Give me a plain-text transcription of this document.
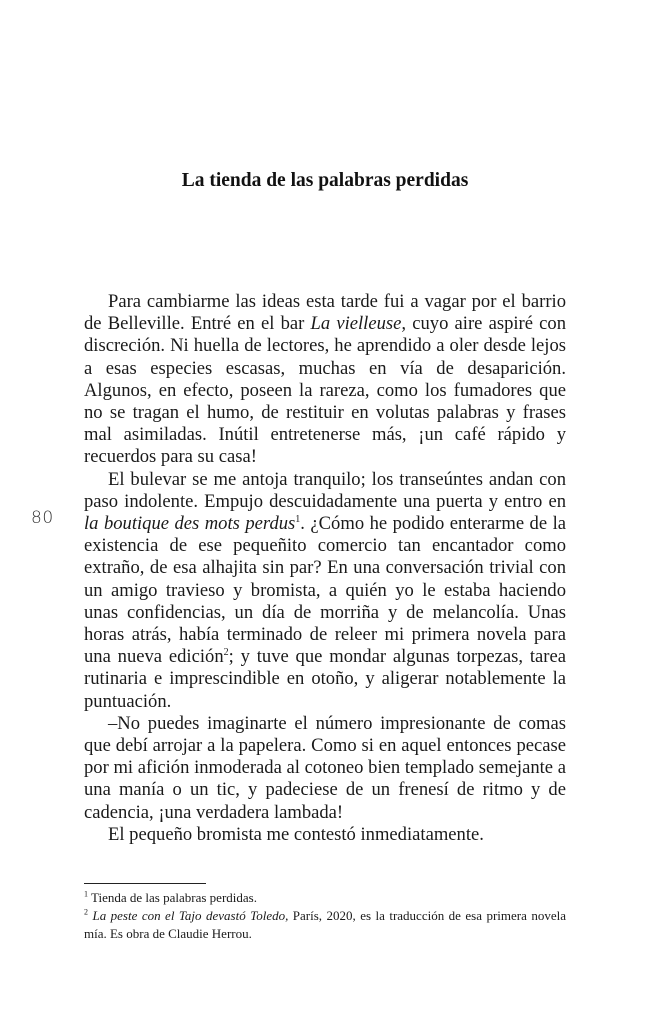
80
La tienda de las palabras perdidas

Para cambiarme las ideas esta tarde fui a vagar por el barrio de Belleville. Entré en el bar La vielleuse, cuyo aire aspiré con discreción. Ni huella de lectores, he aprendido a oler desde lejos a esas especies escasas, muchas en vía de desaparición. Algunos, en efecto, poseen la rareza, como los fumadores que no se tragan el humo, de restituir en volutas palabras y frases mal asimiladas. Inútil entretenerse más, ¡un café rápido y recuerdos para su casa!

El bulevar se me antoja tranquilo; los transeúntes andan con paso indolente. Empujo descuidadamente una puerta y entro en la boutique des mots perdus$^1$. ¿Cómo he podido enterarme de la existencia de ese pequeñito comercio tan encantador como extraño, de esa alhajita sin par? En una conversación trivial con un amigo travieso y bromista, a quién yo le estaba haciendo unas confidencias, un día de morriña y de melancolía. Unas horas atrás, había terminado de releer mi primera novela para una nueva edición$^2$; y tuve que mondar algunas torpezas, tarea rutinaria e imprescindible en otoño, y aligerar notablemente la puntuación.

–No puedes imaginarte el número impresionante de comas que debí arrojar a la papelera. Como si en aquel entonces pecase por mi afición inmoderada al cotoneo bien templado semejante a una manía o un tic, y padeciese de un frenesí de ritmo y de cadencia, ¡una verdadera lambada!

El pequeño bromista me contestó inmediatamente.

$^1$ Tienda de las palabras perdidas.

$^2$ La peste con el Tajo devastó Toledo, París, 2020, es la traducción de esa primera novela mía. Es obra de Claudie Herrou.
